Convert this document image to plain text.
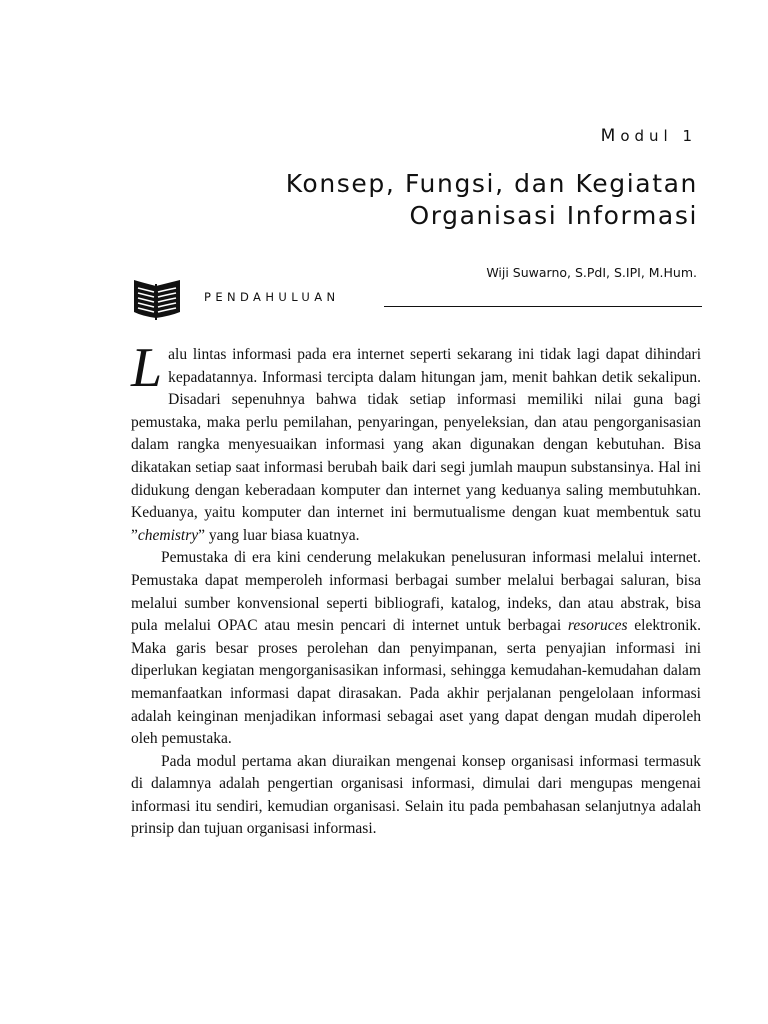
Modul 1
Konsep, Fungsi, dan Kegiatan
Organisasi Informasi
Wiji Suwarno, S.PdI, S.IPI, M.Hum.
PENDAHULUAN

Lalu lintas informasi pada era internet seperti sekarang ini tidak lagi dapat dihindari kepadatannya. Informasi tercipta dalam hitungan jam, menit bahkan detik sekalipun. Disadari sepenuhnya bahwa tidak setiap informasi memiliki nilai guna bagi pemustaka, maka perlu pemilahan, penyaringan, penyeleksian, dan atau pengorganisasian dalam rangka menyesuaikan informasi yang akan digunakan dengan kebutuhan. Bisa dikatakan setiap saat informasi berubah baik dari segi jumlah maupun substansinya. Hal ini didukung dengan keberadaan komputer dan internet yang keduanya saling membutuhkan. Keduanya, yaitu komputer dan internet ini bermutualisme dengan kuat membentuk satu ”chemistry” yang luar biasa kuatnya.

Pemustaka di era kini cenderung melakukan penelusuran informasi melalui internet. Pemustaka dapat memperoleh informasi berbagai sumber melalui berbagai saluran, bisa melalui sumber konvensional seperti bibliografi, katalog, indeks, dan atau abstrak, bisa pula melalui OPAC atau mesin pencari di internet untuk berbagai resoruces elektronik. Maka garis besar proses perolehan dan penyimpanan, serta penyajian informasi ini diperlukan kegiatan mengorganisasikan informasi, sehingga kemudahan-kemudahan dalam memanfaatkan informasi dapat dirasakan. Pada akhir perjalanan pengelolaan informasi adalah keinginan menjadikan informasi sebagai aset yang dapat dengan mudah diperoleh oleh pemustaka.

Pada modul pertama akan diuraikan mengenai konsep organisasi informasi termasuk di dalamnya adalah pengertian organisasi informasi, dimulai dari mengupas mengenai informasi itu sendiri, kemudian organisasi. Selain itu pada pembahasan selanjutnya adalah prinsip dan tujuan organisasi informasi.
